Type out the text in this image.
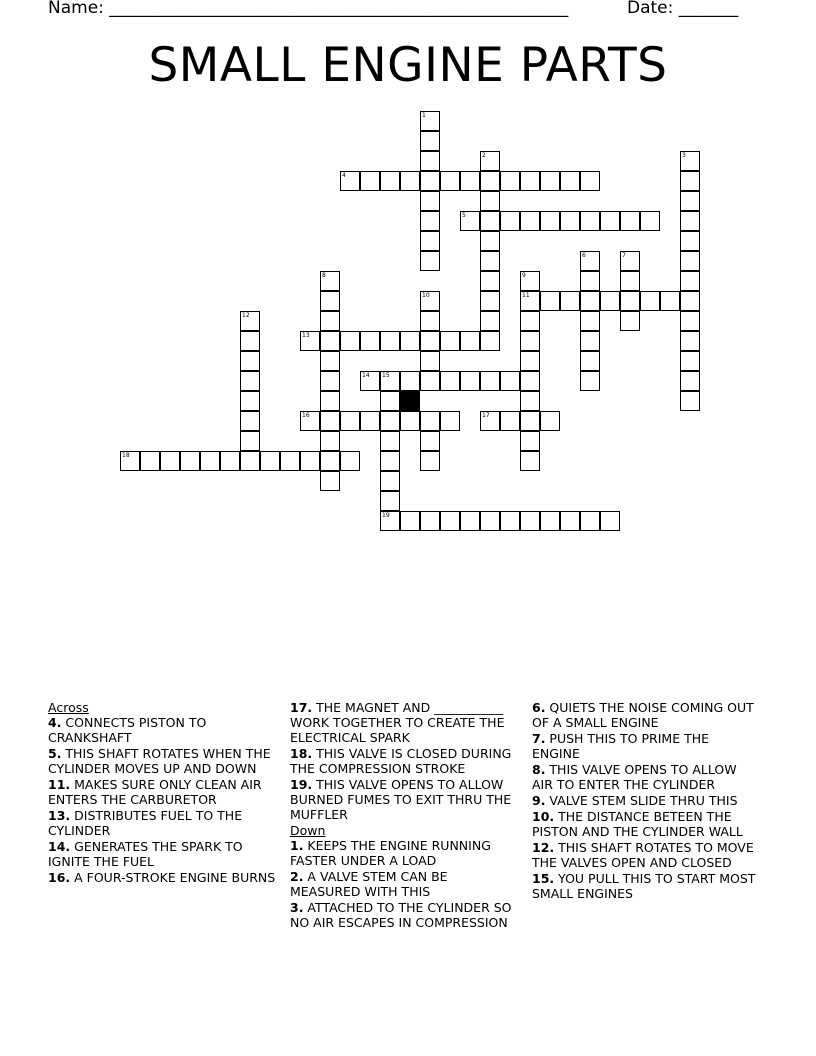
Name: ______________________________________________________	Date: _______
SMALL ENGINE PARTS
1
2	3
4
5
6	7
8	9
11
10
12
13
14 15
16	17
18
19
Across
4. CONNECTS PISTON TO CRANKSHAFT
5. THIS SHAFT ROTATES WHEN THE CYLINDER MOVES UP AND DOWN
11. MAKES SURE ONLY CLEAN AIR ENTERS THE CARBURETOR
13. DISTRIBUTES FUEL TO THE CYLINDER
14. GENERATES THE SPARK TO IGNITE THE FUEL
16. A FOUR-STROKE ENGINE BURNS
17. THE MAGNET AND ___________ WORK TOGETHER TO CREATE THE ELECTRICAL SPARK
18. THIS VALVE IS CLOSED DURING THE COMPRESSION STROKE
19. THIS VALVE OPENS TO ALLOW BURNED FUMES TO EXIT THRU THE MUFFLER
Down
1. KEEPS THE ENGINE RUNNING FASTER UNDER A LOAD
2. A VALVE STEM CAN BE MEASURED WITH THIS
3. ATTACHED TO THE CYLINDER SO NO AIR ESCAPES IN COMPRESSION
6. QUIETS THE NOISE COMING OUT OF A SMALL ENGINE
7. PUSH THIS TO PRIME THE ENGINE
8. THIS VALVE OPENS TO ALLOW AIR TO ENTER THE CYLINDER
9. VALVE STEM SLIDE THRU THIS
10. THE DISTANCE BETEEN THE PISTON AND THE CYLINDER WALL
12. THIS SHAFT ROTATES TO MOVE THE VALVES OPEN AND CLOSED
15. YOU PULL THIS TO START MOST SMALL ENGINES
